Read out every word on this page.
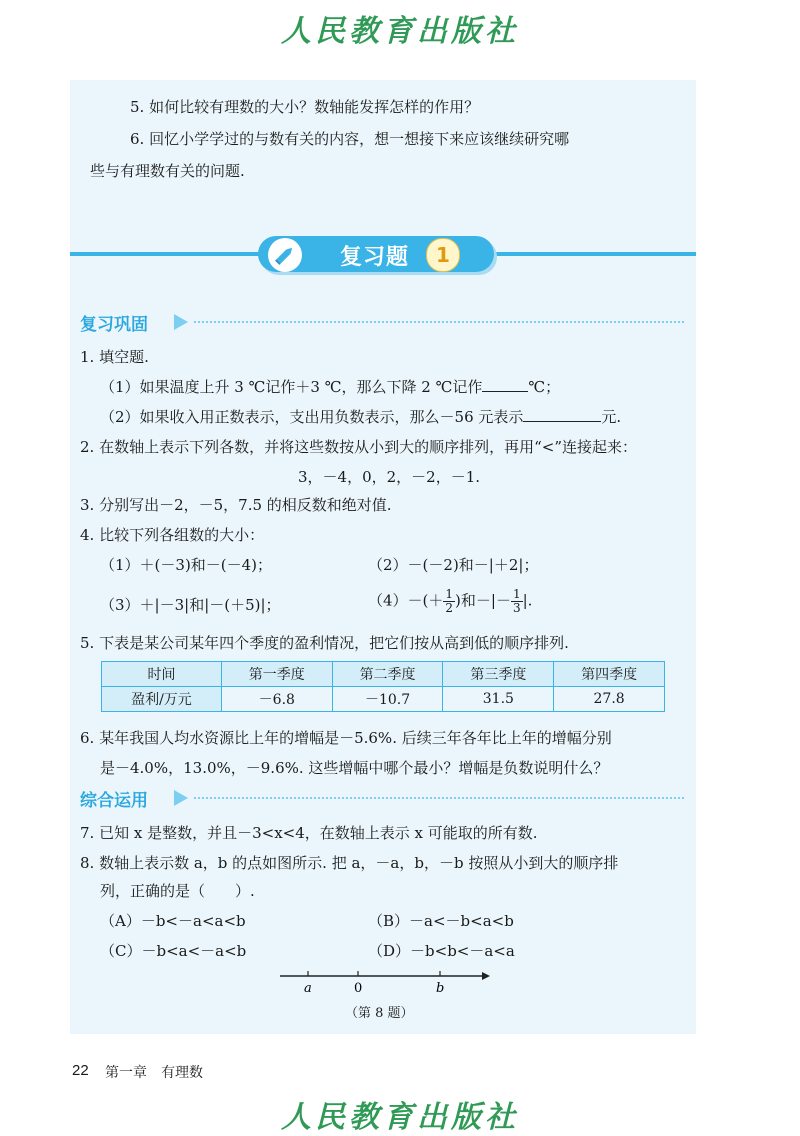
人民教育出版社
5. 如何比较有理数的大小？数轴能发挥怎样的作用？
6. 回忆小学学过的与数有关的内容，想一想接下来应该继续研究哪
些与有理数有关的问题.
复习题	1
复习巩固
1. 填空题.
（1）如果温度上升 3 ℃记作＋3 ℃，那么下降 2 ℃记作	℃；
（2）如果收入用正数表示，支出用负数表示，那么－56 元表示	元.
2. 在数轴上表示下列各数，并将这些数按从小到大的顺序排列，再用“<”连接起来：
3，－4，0，2，－2，－1.
3. 分别写出－2，－5，7.5 的相反数和绝对值.
4. 比较下列各组数的大小：
（1）＋(－3)和－(－4)；	（2）－(－2)和－|＋2|；
（3）＋|－3|和|－(＋5)|；	$(4)-(+ \frac{1}{2}$ )和－|－ $\frac{1}{3}$ |.
5. 下表是某公司某年四个季度的盈利情况，把它们按从高到低的顺序排列.
时间	第一季度	第二季度	第三季度	第四季度
盈利/万元	－6.8	－10.7	31.5	27.8
6. 某年我国人均水资源比上年的增幅是－5.6%. 后续三年各年比上年的增幅分别
是－4.0%，13.0%，－9.6%. 这些增幅中哪个最小？增幅是负数说明什么？
综合运用
7. 已知 x 是整数，并且－3<x<4，在数轴上表示 x 可能取的所有数.
8. 数轴上表示数 a，b 的点如图所示. 把 a，－a，b，－b 按照从小到大的顺序排
列，正确的是（　　）.
（A）－b<－a<a<b	（B）－a<－b<a<b
（C）－b<a<－a<b	（D）－b<b<－a<a
a	0	b
（第 8 题）
22 第一章　有理数
人民教育出版社
